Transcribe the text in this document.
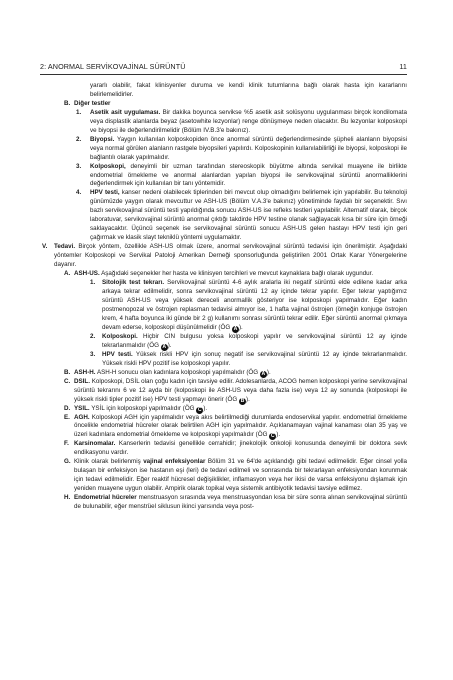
2: ANORMAL SERVİKOVAJİNAL SÜRÜNTÜ	11

yararlı olabilir, fakat klinisyenler duruma ve kendi klinik tutumlarına bağlı olarak hasta için kararlarını belirlemelidirler.

B. Diğer testler
1. Asetik asit uygulaması. Bir dakika boyunca servikse %5 asetik asit solüsyonu uygulanması birçok kondilomata veya displastik alanlarda beyaz (asetowhite lezyonlar) renge dönüşmeye neden olacaktır. Bu lezyonlar kolposkopi ve biyopsi ile değerlendirilmelidir (Bölüm IV.B.3'e bakınız).
2. Biyopsi. Yaygın kullanılan kolposkopiden önce anormal sürüntü değerlendirmesinde şüpheli alanların biyopsisi veya normal görülen alanların rastgele biyopsileri yapılırdı. Kolposkopinin kullanılabilirliği ile biyopsi, kolposkopi ile bağlantılı olarak yapılmalıdır.
3. Kolposkopi, deneyimli bir uzman tarafından stereoskopik büyütme altında servikal muayene ile birlikte endometrial örnekleme ve anormal alanlardan yapılan biyopsi ile servikovajinal sürüntü anormalliklerini değerlendirmek için kullanılan bir tanı yöntemidir.
4. HPV testi, kanser nedeni olabilecek tiplerinden biri mevcut olup olmadığını belirlemek için yapılabilir. Bu teknoloji günümüzde yaygın olarak mevcuttur ve ASH-US (Bölüm V.A.3'e bakınız) yönetiminde faydalı bir seçenektir. Sıvı bazlı servikovajinal sürüntü testi yapıldığında sonucu ASH-US ise refleks testleri yapılabilir. Alternatif olarak, birçok laboratuvar, servikovajinal sürüntü anormal çıktığı takdirde HPV testine olanak sağlayacak kısa bir süre için örneği saklayacaktır. Üçüncü seçenek ise servikovajinal sürüntü sonucu ASH-US gelen hastayı HPV testi için geri çağırmak ve klasik slayt tekniklü yöntemi uygulamaktır.
V. Tedavi. Birçok yöntem, özellikle ASH-US olmak üzere, anormal servikovajinal sürüntü tedavisi için önerilmiştir. Aşağıdaki yöntemler Kolposkopi ve Servikal Patoloji Amerikan Derneği sponsorluğunda geliştirilen 2001 Ortak Karar Yönergelerine dayanır.
A. ASH-US. Aşağıdaki seçenekler her hasta ve klinisyen tercihleri ve mevcut kaynaklara bağlı olarak uygundur.
1. Sitolojik test tekrarı. Servikovajinal sürüntü 4-6 aylık aralarla iki negatif sürüntü elde edilene kadar arka arkaya tekrar edilmelidir, sonra servikovajinal sürüntü 12 ay içinde tekrar yapılır. Eğer tekrar yaptığımız sürüntü ASH-US veya yüksek dereceli anormallik gösteriyor ise kolposkopi yapılmalıdır. Eğer kadın postmenopozal ve östrojen replasman tedavisi almıyor ise, 1 hafta vajinal östrojen (örneğin konjuge östrojen krem, 4 hafta boyunca iki günde bir 2 g) kullanımı sonrası sürüntü tekrar edilir. Eğer sürüntü anormal çıkmaya devam ederse, kolposkopi düşünülmelidir (ÖG A ).
2. Kolposkopi. Hiçbir CIN bulgusu yoksa kolposkopi yapılır ve servikovajinal sürüntü 12 ay içinde tekrarlanmalıdır (ÖG A ).
3. HPV testi. Yüksek riskli HPV için sonuç negatif ise servikovajinal sürüntü 12 ay içinde tekrarlanmalıdır. Yüksek riskli HPV pozitif ise kolposkopi yapılır.
B. ASH-H. ASH-H sonucu olan kadınlara kolposkopi yapılmalıdır (ÖG A ).
C. DSIL. Kolposkopi, DSİL olan çoğu kadın için tavsiye edilir. Adolesanlarda, ACOG hemen kolposkopi yerine servikovajinal sürüntü tekrarını 6 ve 12 ayda bir (kolposkopi ile ASH-US veya daha fazla ise) veya 12 ay sonunda (kolposkopi ile yüksek riskli tipler pozitif ise) HPV testi yapmayı önerir (ÖG B ).
D. YSIL. YSİL için kolposkopi yapılmalıdır (ÖG C ).
E. AGH. Kolposkopi AGH için yapılmalıdır veya akıs belirtilmediği durumlarda endoservikal yapılır. endometrial örnekleme öncelikle endometrial hücreler olarak belirtilen AGH için yapılmalıdır. Açıklanamayan vajinal kanaması olan 35 yaş ve üzeri kadınlara endometrial örnekleme ve kolposkopi yapılmalıdır (ÖG C ).
F. Karsinomalar. Kanserlerin tedavisi genellikle cerrahidir; jinekolojik onkoloji konusunda deneyimli bir doktora sevk endikasyonu vardır.
G. Klinik olarak belirlenmiş vajinal enfeksiyonlar Bölüm 31 ve 64'de açıklandığı gibi tedavi edilmelidir. Eğer cinsel yolla bulaşan bir enfeksiyon ise hastanın eşi (leri) de tedavi edilmeli ve sonrasında bir tekrarlayan enfeksiyondan korunmak için tedavi edilmelidir. Eğer reaktif hücresel değişiklikler, inflamasyon veya her ikisi de varsa enfeksiyonu dışlamak için yeniden muayene uygun olabilir. Ampirik olarak topikal veya sistemik antibiyotik tedavisi tavsiye edilmez.
H. Endometrial hücreler menstruasyon sırasında veya menstruasyondan kısa bir süre sonra alınan servikovajinal sürüntü de bulunabilir, eğer menstrüel siklusun ikinci yarısında veya post-
